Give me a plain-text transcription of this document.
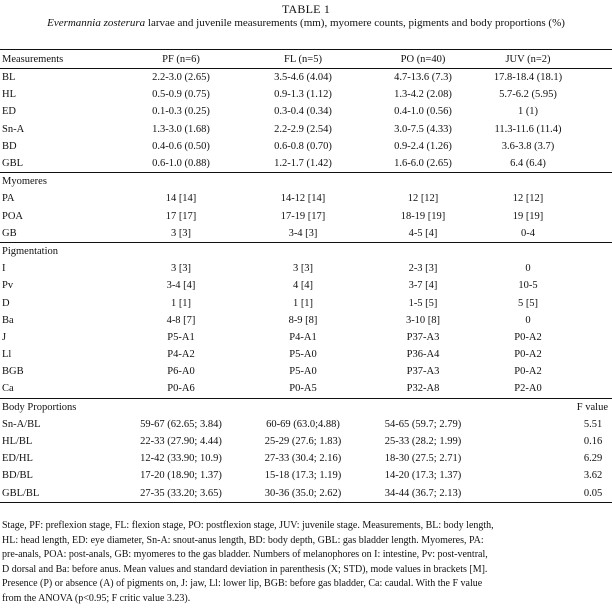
TABLE 1
Evermannia zosterura larvae and juvenile measurements (mm), myomere counts, pigments and body proportions (%)
Measurements	PF (n=6)	FL (n=5)	PO (n=40)	JUV (n=2)	
BL	2.2-3.0 (2.65)	3.5-4.6 (4.04)	4.7-13.6 (7.3)	17.8-18.4 (18.1)	
HL	0.5-0.9 (0.75)	0.9-1.3 (1.12)	1.3-4.2 (2.08)	5.7-6.2 (5.95)	
ED	0.1-0.3 (0.25)	0.3-0.4 (0.34)	0.4-1.0 (0.56)	1 (1)	
Sn-A	1.3-3.0 (1.68)	2.2-2.9 (2.54)	3.0-7.5 (4.33)	11.3-11.6 (11.4)	
BD	0.4-0.6 (0.50)	0.6-0.8 (0.70)	0.9-2.4 (1.26)	3.6-3.8 (3.7)	
GBL	0.6-1.0 (0.88)	1.2-1.7 (1.42)	1.6-6.0 (2.65)	6.4 (6.4)	
Myomeres					
PA	14 [14]	14-12 [14]	12 [12]	12 [12]	
POA	17 [17]	17-19 [17]	18-19 [19]	19 [19]	
GB	3 [3]	3-4 [3]	4-5 [4]	0-4	
Pigmentation					
I	3 [3]	3 [3]	2-3 [3]	0	
Pv	3-4 [4]	4 [4]	3-7 [4]	10-5	
D	1 [1]	1 [1]	1-5 [5]	5 [5]	
Ba	4-8 [7]	8-9 [8]	3-10 [8]	0	
J	P5-A1	P4-A1	P37-A3	P0-A2	
Ll	P4-A2	P5-A0	P36-A4	P0-A2	
BGB	P6-A0	P5-A0	P37-A3	P0-A2	
Ca	P0-A6	P0-A5	P32-A8	P2-A0	
Body Proportions					F value
Sn-A/BL	59-67 (62.65; 3.84)	60-69 (63.0;4.88)	54-65 (59.7; 2.79)		5.51
HL/BL	22-33 (27.90; 4.44)	25-29 (27.6; 1.83)	25-33 (28.2; 1.99)		0.16
ED/HL	12-42 (33.90; 10.9)	27-33 (30.4; 2.16)	18-30 (27.5; 2.71)		6.29
BD/BL	17-20 (18.90; 1.37)	15-18 (17.3; 1.19)	14-20 (17.3; 1.37)		3.62
GBL/BL	27-35 (33.20; 3.65)	30-36 (35.0; 2.62)	34-44 (36.7; 2.13)		0.05
Stage, PF: preflexion stage, FL: flexion stage, PO: postflexion stage, JUV: juvenile stage. Measurements, BL: body length,
HL: head length, ED: eye diameter, Sn-A: snout-anus length, BD: body depth, GBL: gas bladder length. Myomeres, PA:
pre-anals, POA: post-anals, GB: myomeres to the gas bladder. Numbers of melanophores on I: intestine, Pv: post-ventral,
D dorsal and Ba: before anus. Mean values and standard deviation in parenthesis (X; STD), mode values in brackets [M].
Presence (P) or absence (A) of pigments on, J: jaw, Ll: lower lip, BGB: before gas bladder, Ca: caudal. With the F value
from the ANOVA (p<0.95; F critic value 3.23).
